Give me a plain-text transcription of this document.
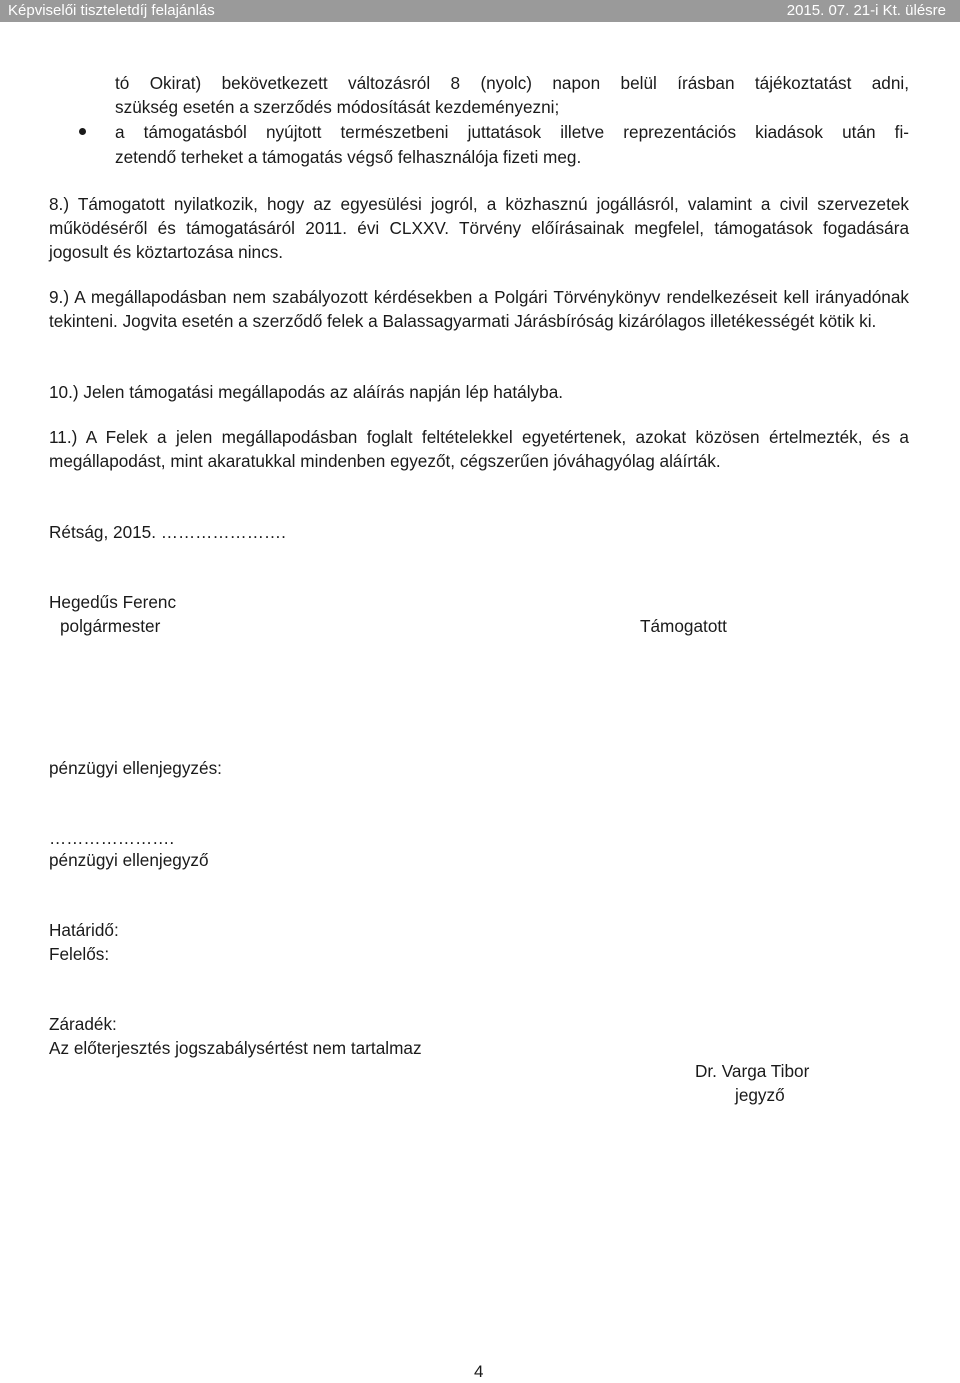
Képviselői tiszteletdíj felajánlás	2015. 07. 21-i Kt. ülésre
tó Okirat) bekövetkezett változásról 8 (nyolc) napon belül írásban tájékoztatást adni,
szükség esetén a szerződés módosítását kezdeményezni;
a támogatásból nyújtott természetbeni juttatások illetve reprezentációs kiadások után fi-
zetendő terheket a támogatás végső felhasználója fizeti meg.
8.) Támogatott nyilatkozik, hogy az egyesülési jogról, a közhasznú jogállásról, valamint a civil szervezetek működéséről és támogatásáról 2011. évi CLXXV. Törvény előírásainak megfelel, támogatások fogadására jogosult és köztartozása nincs.
9.) A megállapodásban nem szabályozott kérdésekben a Polgári Törvénykönyv rendelkezéseit kell irányadónak tekinteni. Jogvita esetén a szerződő felek a Balassagyarmati Járásbíróság kizárólagos illetékességét kötik ki.
10.) Jelen támogatási megállapodás az aláírás napján lép hatályba.
11.) A Felek a jelen megállapodásban foglalt feltételekkel egyetértenek, azokat közösen értelmezték, és a megállapodást, mint akaratukkal mindenben egyezőt, cégszerűen jóváhagyólag aláírták.
Rétság, 2015. ………………….
Hegedűs Ferenc
polgármester	Támogatott
pénzügyi ellenjegyzés:
………………….
pénzügyi ellenjegyző
Határidő:
Felelős:
Záradék:
Az előterjesztés jogszabálysértést nem tartalmaz
Dr. Varga Tibor
jegyző
4
